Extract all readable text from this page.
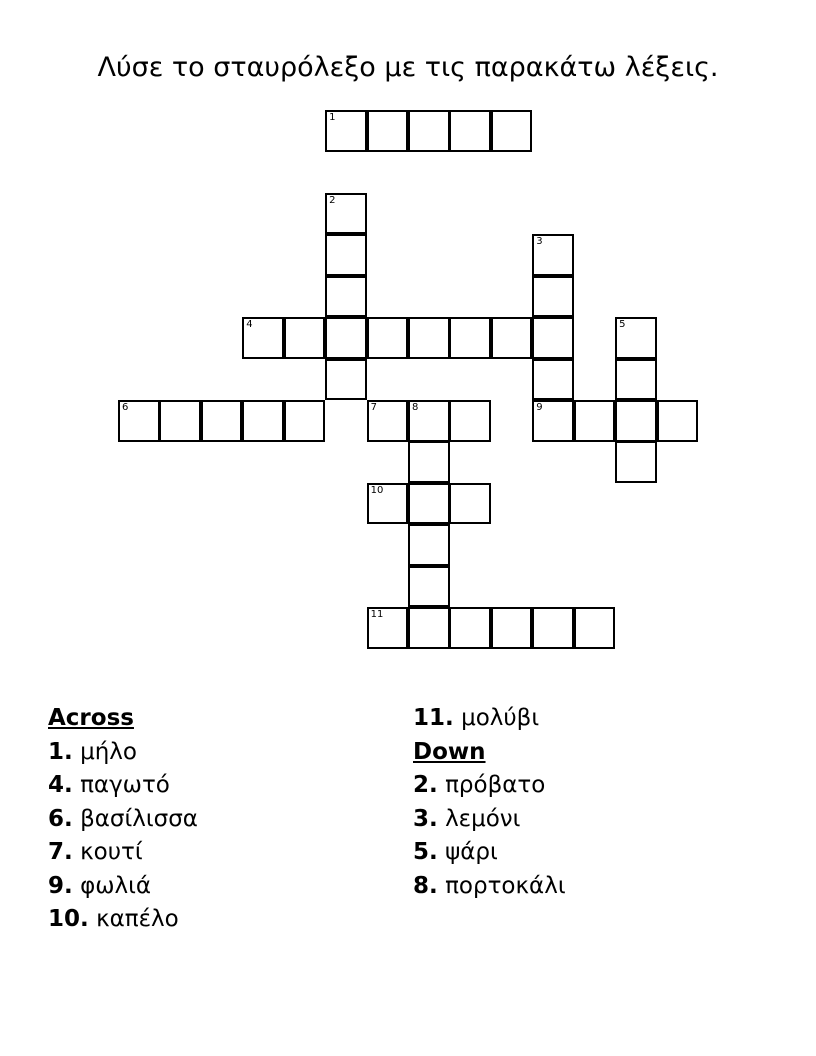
Λύσε το σταυρόλεξο με τις παρακάτω λέξεις.
1
2
3
4	5
6	7	8	9
10
11
Across
1. μήλο
4. παγωτό
6. βασίλισσα
7. κουτί
9. φωλιά
10. καπέλο
11. μολύβι
Down
2. πρόβατο
3. λεμόνι
5. ψάρι
8. πορτοκάλι
